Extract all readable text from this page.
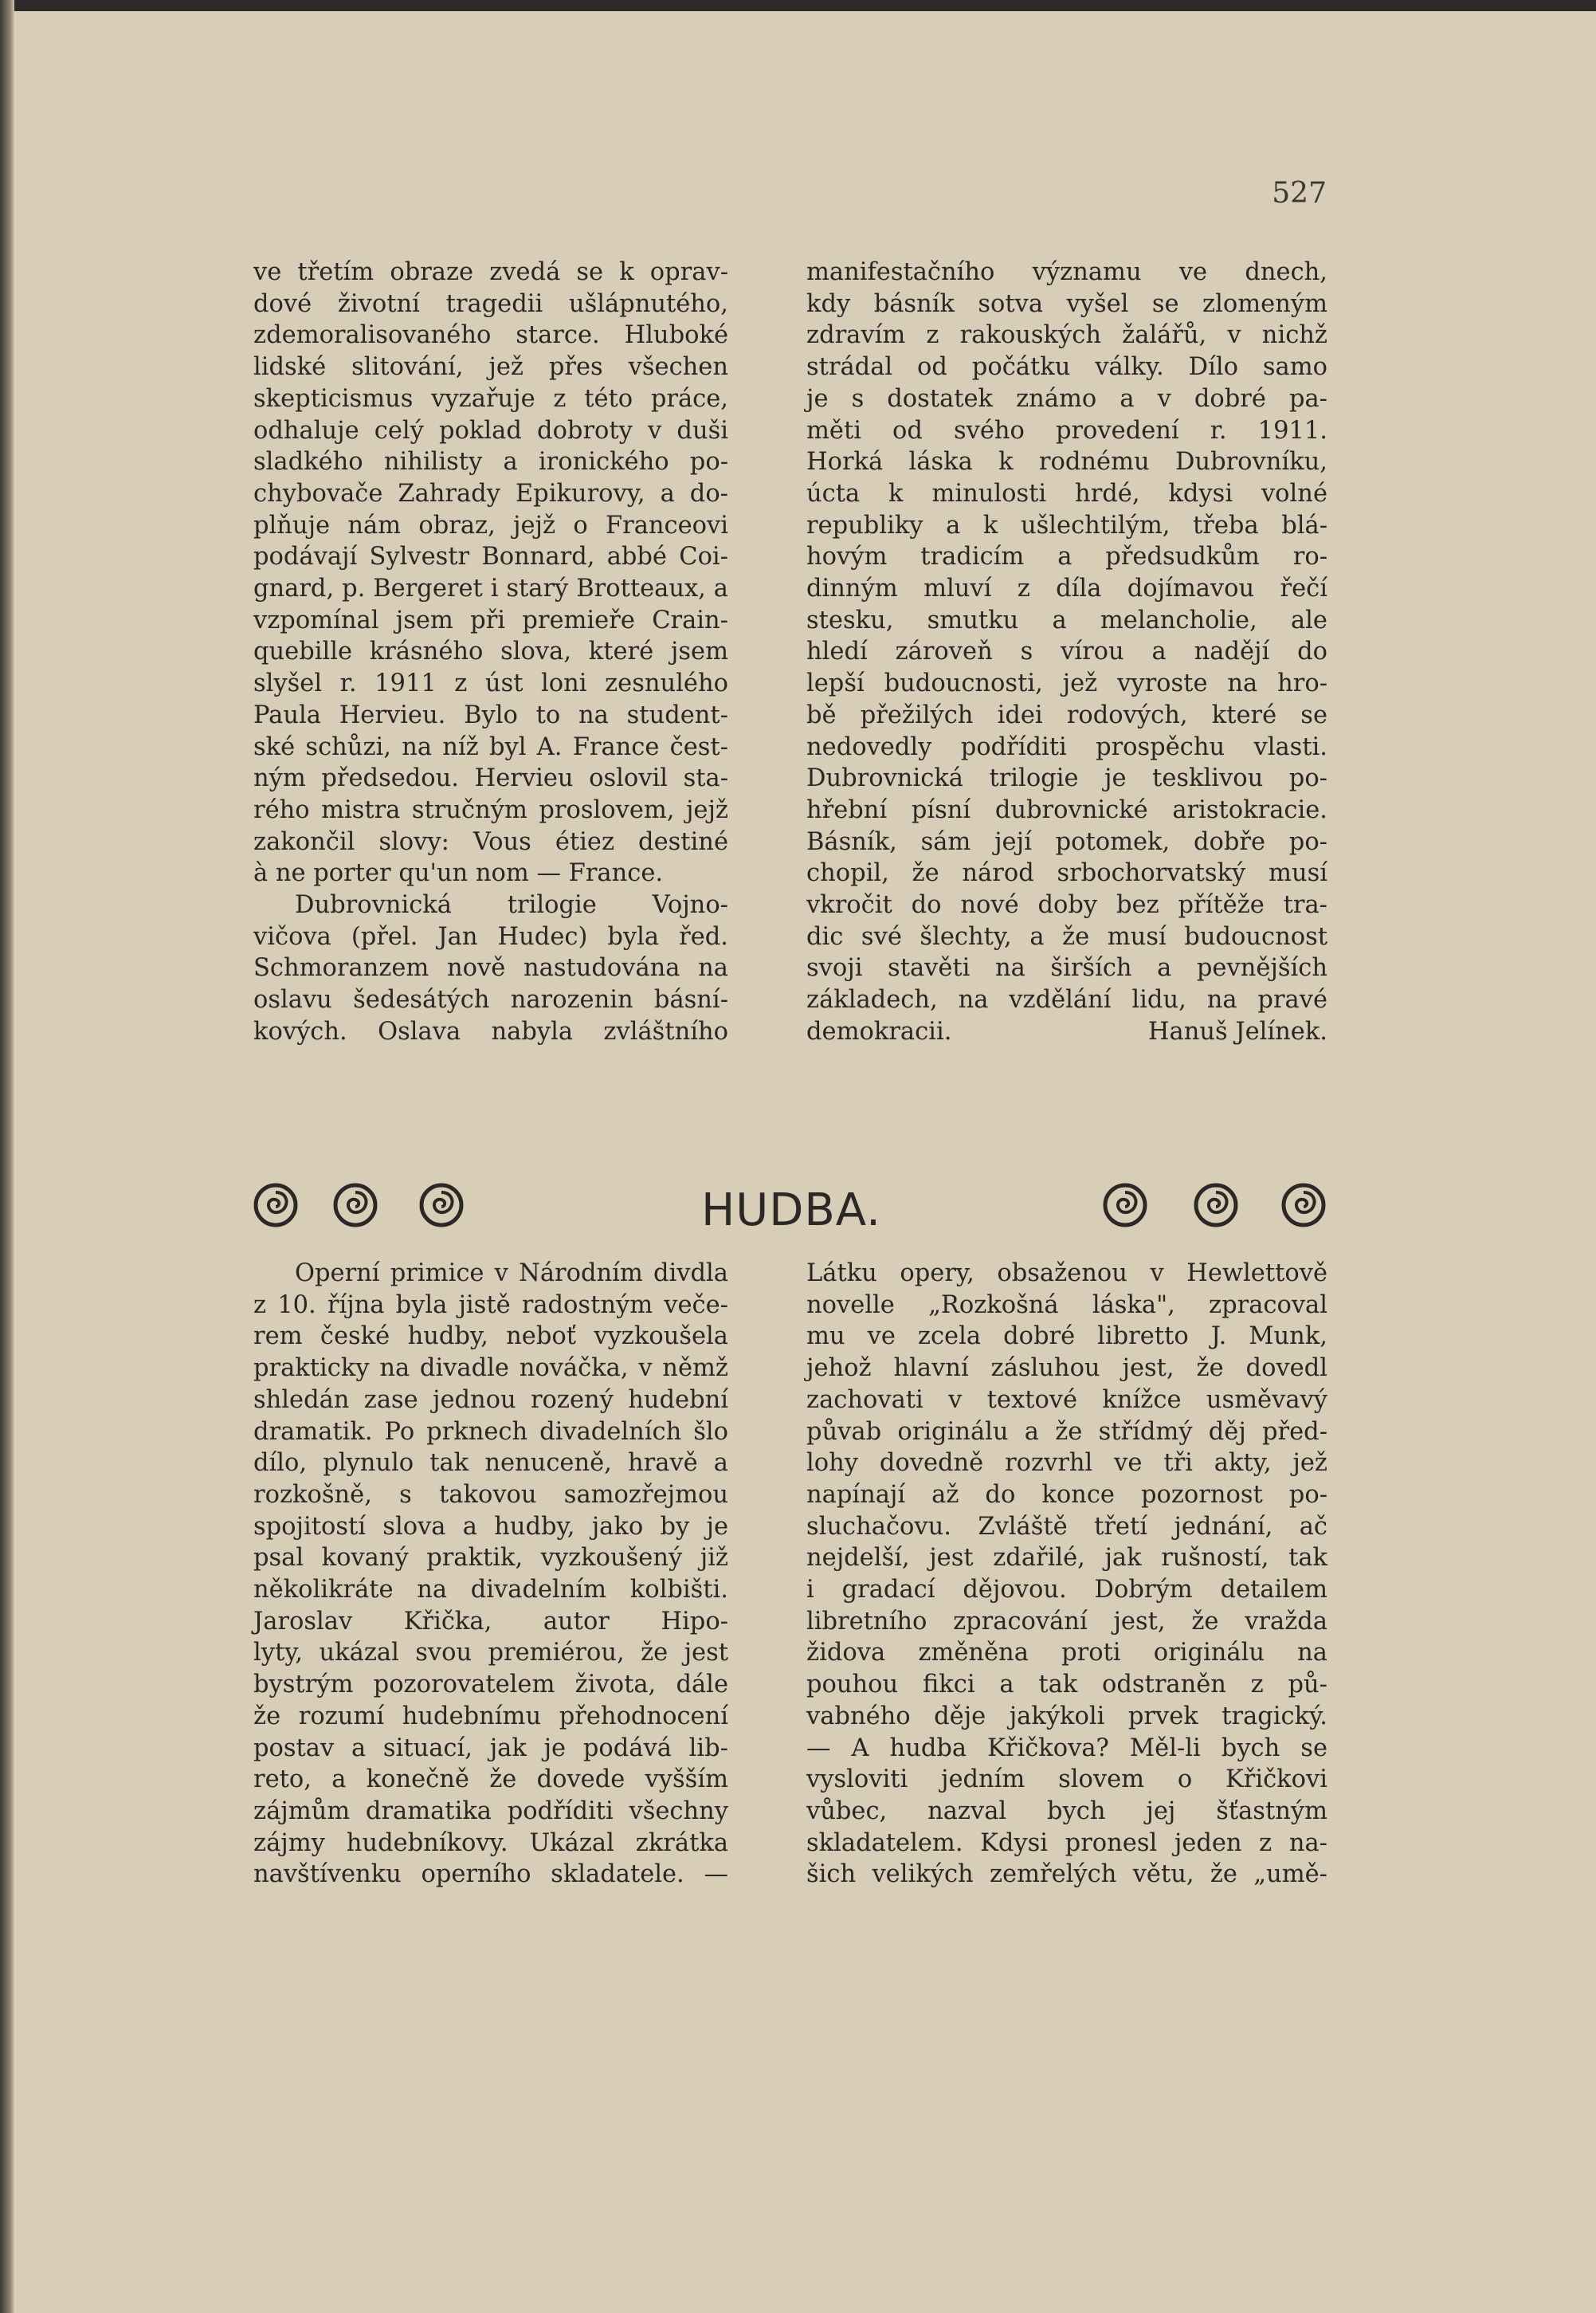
527
ve třetím obraze zvedá se k oprav-
dové životní tragedii ušlápnutého,
zdemoralisovaného starce. Hluboké
lidské slitování, jež přes všechen
skepticismus vyzařuje z této práce,
odhaluje celý poklad dobroty v duši
sladkého nihilisty a ironického po-
chybovače Zahrady Epikurovy, a do-
plňuje nám obraz, jejž o Franceovi
podávají Sylvestr Bonnard, abbé Coi-
gnard, p. Bergeret i starý Brotteaux, a
vzpomínal jsem při premieře Crain-
quebille krásného slova, které jsem
slyšel r. 1911 z úst loni zesnulého
Paula Hervieu. Bylo to na student-
ské schůzi, na níž byl A. France čest-
ným předsedou. Hervieu oslovil sta-
rého mistra stručným proslovem, jejž
zakončil slovy: Vous étiez destiné
à ne porter qu'un nom — France.
Dubrovnická trilogie Vojno-
vičova (přel. Jan Hudec) byla řed.
Schmoranzem nově nastudována na
oslavu šedesátých narozenin básní-
kových. Oslava nabyla zvláštního
manifestačního významu ve dnech,
kdy básník sotva vyšel se zlomeným
zdravím z rakouských žalářů, v nichž
strádal od počátku války. Dílo samo
je s dostatek známo a v dobré pa-
měti od svého provedení r. 1911.
Horká láska k rodnému Dubrovníku,
úcta k minulosti hrdé, kdysi volné
republiky a k ušlechtilým, třeba blá-
hovým tradicím a předsudkům ro-
dinným mluví z díla dojímavou řečí
stesku, smutku a melancholie, ale
hledí zároveň s vírou a nadějí do
lepší budoucnosti, jež vyroste na hro-
bě přežilých idei rodových, které se
nedovedly podříditi prospěchu vlasti.
Dubrovnická trilogie je tesklivou po-
hřební písní dubrovnické aristokracie.
Básník, sám její potomek, dobře po-
chopil, že národ srbochorvatský musí
vkročit do nové doby bez přítěže tra-
dic své šlechty, a že musí budoucnost
svoji stavěti na širších a pevnějších
základech, na vzdělání lidu, na pravé
demokracii.	Hanuš Jelínek.
HUDBA.
Operní primice v Národním divdla
z 10. října byla jistě radostným veče-
rem české hudby, neboť vyzkoušela
prakticky na divadle nováčka, v němž
shledán zase jednou rozený hudební
dramatik. Po prknech divadelních šlo
dílo, plynulo tak nenuceně, hravě a
rozkošně, s takovou samozřejmou
spojitostí slova a hudby, jako by je
psal kovaný praktik, vyzkoušený již
několikráte na divadelním kolbišti.
Jaroslav Křička, autor Hipo-
lyty, ukázal svou premiérou, že jest
bystrým pozorovatelem života, dále
že rozumí hudebnímu přehodnocení
postav a situací, jak je podává lib-
reto, a konečně že dovede vyšším
zájmům dramatika podříditi všechny
zájmy hudebníkovy. Ukázal zkrátka
navštívenku operního skladatele. —
Látku opery, obsaženou v Hewlettově
novelle „Rozkošná láska", zpracoval
mu ve zcela dobré libretto J. Munk,
jehož hlavní zásluhou jest, že dovedl
zachovati v textové knížce usměvavý
půvab originálu a že střídmý děj před-
lohy dovedně rozvrhl ve tři akty, jež
napínají až do konce pozornost po-
sluchačovu. Zvláště třetí jednání, ač
nejdelší, jest zdařilé, jak rušností, tak
i gradací dějovou. Dobrým detailem
libretního zpracování jest, že vražda
židova změněna proti originálu na
pouhou fikci a tak odstraněn z pů-
vabného děje jakýkoli prvek tragický.
— A hudba Křičkova? Měl-li bych se
vysloviti jedním slovem o Křičkovi
vůbec, nazval bych jej šťastným
skladatelem. Kdysi pronesl jeden z na-
šich velikých zemřelých větu, že „umě-
